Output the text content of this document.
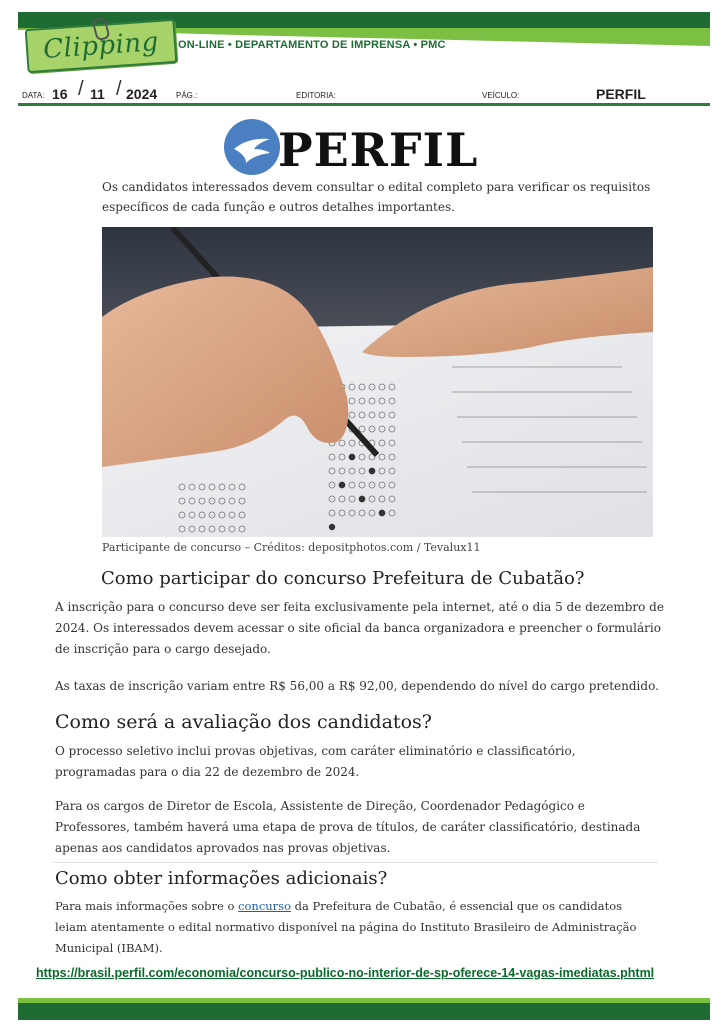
Clipping ON-LINE • DEPARTAMENTO DE IMPRENSA • PMC
DATA: 16 / 11 / 2024 PÁG.:	EDITORIA:	VEÍCULO:	PERFIL
PERFIL
Os candidatos interessados devem consultar o edital completo para verificar os requisitos específicos de cada função e outros detalhes importantes.
Participante de concurso – Créditos: depositphotos.com / Tevalux11
Como participar do concurso Prefeitura de Cubatão?
A inscrição para o concurso deve ser feita exclusivamente pela internet, até o dia 5 de dezembro de 2024. Os interessados devem acessar o site oficial da banca organizadora e preencher o formulário de inscrição para o cargo desejado.
As taxas de inscrição variam entre R$ 56,00 a R$ 92,00, dependendo do nível do cargo pretendido.
Como será a avaliação dos candidatos?
O processo seletivo inclui provas objetivas, com caráter eliminatório e classificatório, programadas para o dia 22 de dezembro de 2024.
Para os cargos de Diretor de Escola, Assistente de Direção, Coordenador Pedagógico e Professores, também haverá uma etapa de prova de títulos, de caráter classificatório, destinada apenas aos candidatos aprovados nas provas objetivas.
Como obter informações adicionais?
Para mais informações sobre o concurso da Prefeitura de Cubatão, é essencial que os candidatos leiam atentamente o edital normativo disponível na página do Instituto Brasileiro de Administração Municipal (IBAM).
https://brasil.perfil.com/economia/concurso-publico-no-interior-de-sp-oferece-14-vagas-imediatas.phtml
